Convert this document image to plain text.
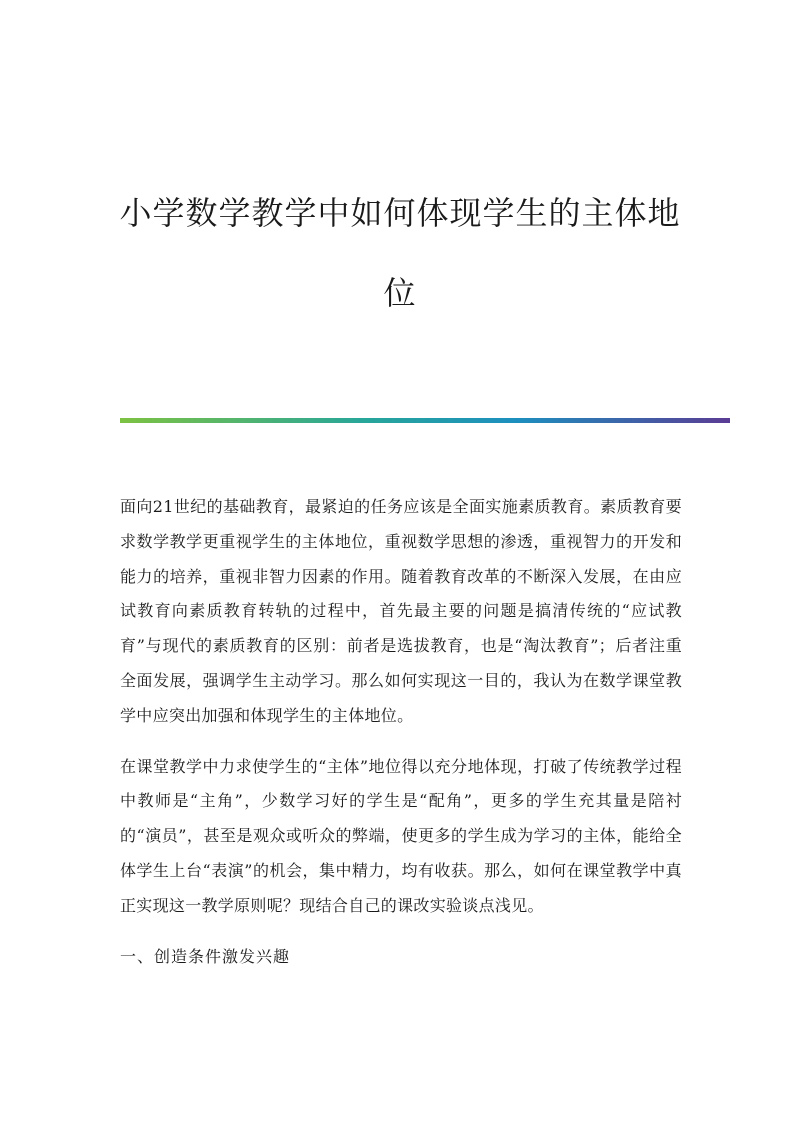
小学数学教学中如何体现学生的主体地
位

面向21世纪的基础教育，最紧迫的任务应该是全面实施素质教育。素质教育要求数学教学更重视学生的主体地位，重视数学思想的渗透，重视智力的开发和能力的培养，重视非智力因素的作用。随着教育改革的不断深入发展，在由应试教育向素质教育转轨的过程中，首先最主要的问题是搞清传统的“应试教育”与现代的素质教育的区别：前者是选拔教育，也是“淘汰教育”；后者注重全面发展，强调学生主动学习。那么如何实现这一目的，我认为在数学课堂教学中应突出加强和体现学生的主体地位。

在课堂教学中力求使学生的“主体”地位得以充分地体现，打破了传统教学过程中教师是“主角”，少数学习好的学生是“配角”，更多的学生充其量是陪衬的“演员”，甚至是观众或听众的弊端，使更多的学生成为学习的主体，能给全体学生上台“表演”的机会，集中精力，均有收获。那么，如何在课堂教学中真正实现这一教学原则呢？现结合自己的课改实验谈点浅见。

一、创造条件激发兴趣
